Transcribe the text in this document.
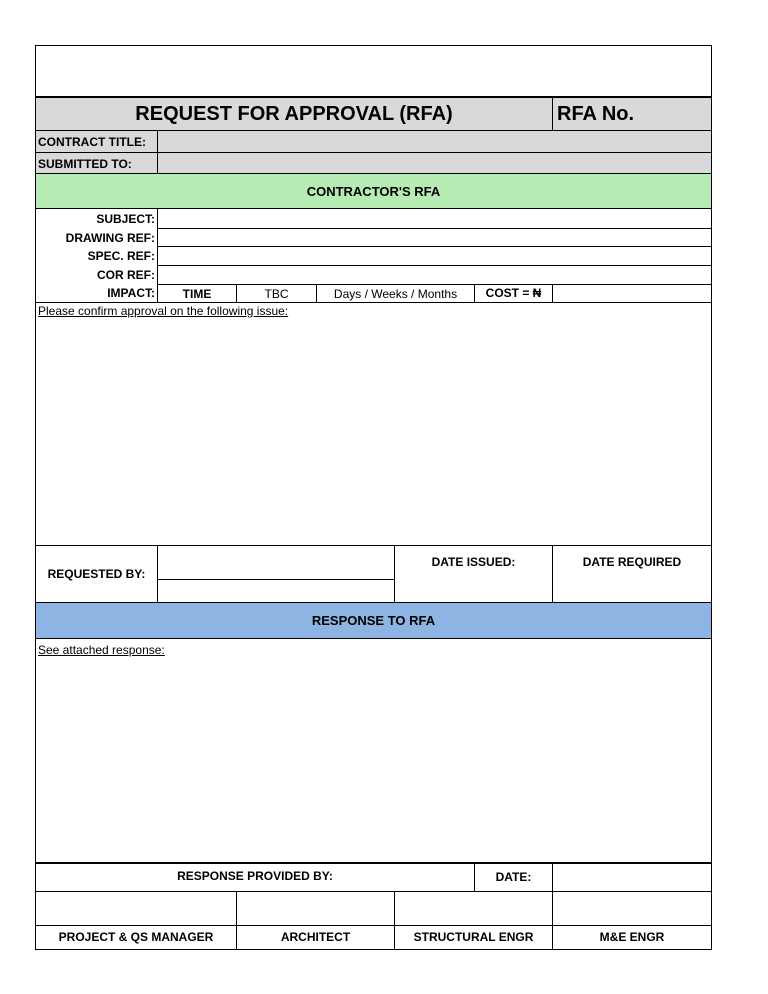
REQUEST FOR APPROVAL (RFA)	RFA No.
CONTRACT TITLE:
SUBMITTED TO:
CONTRACTOR'S RFA
SUBJECT:
DRAWING REF:
SPEC. REF:
COR REF:
IMPACT:	TIME	TBC	Days / Weeks / Months	COST = ₦
Please confirm approval on the following issue:
REQUESTED BY:
DATE ISSUED:	DATE REQUIRED
RESPONSE TO RFA
See attached response:
RESPONSE PROVIDED BY:	DATE:
PROJECT & QS MANAGER	ARCHITECT	STRUCTURAL ENGR	M&E ENGR
